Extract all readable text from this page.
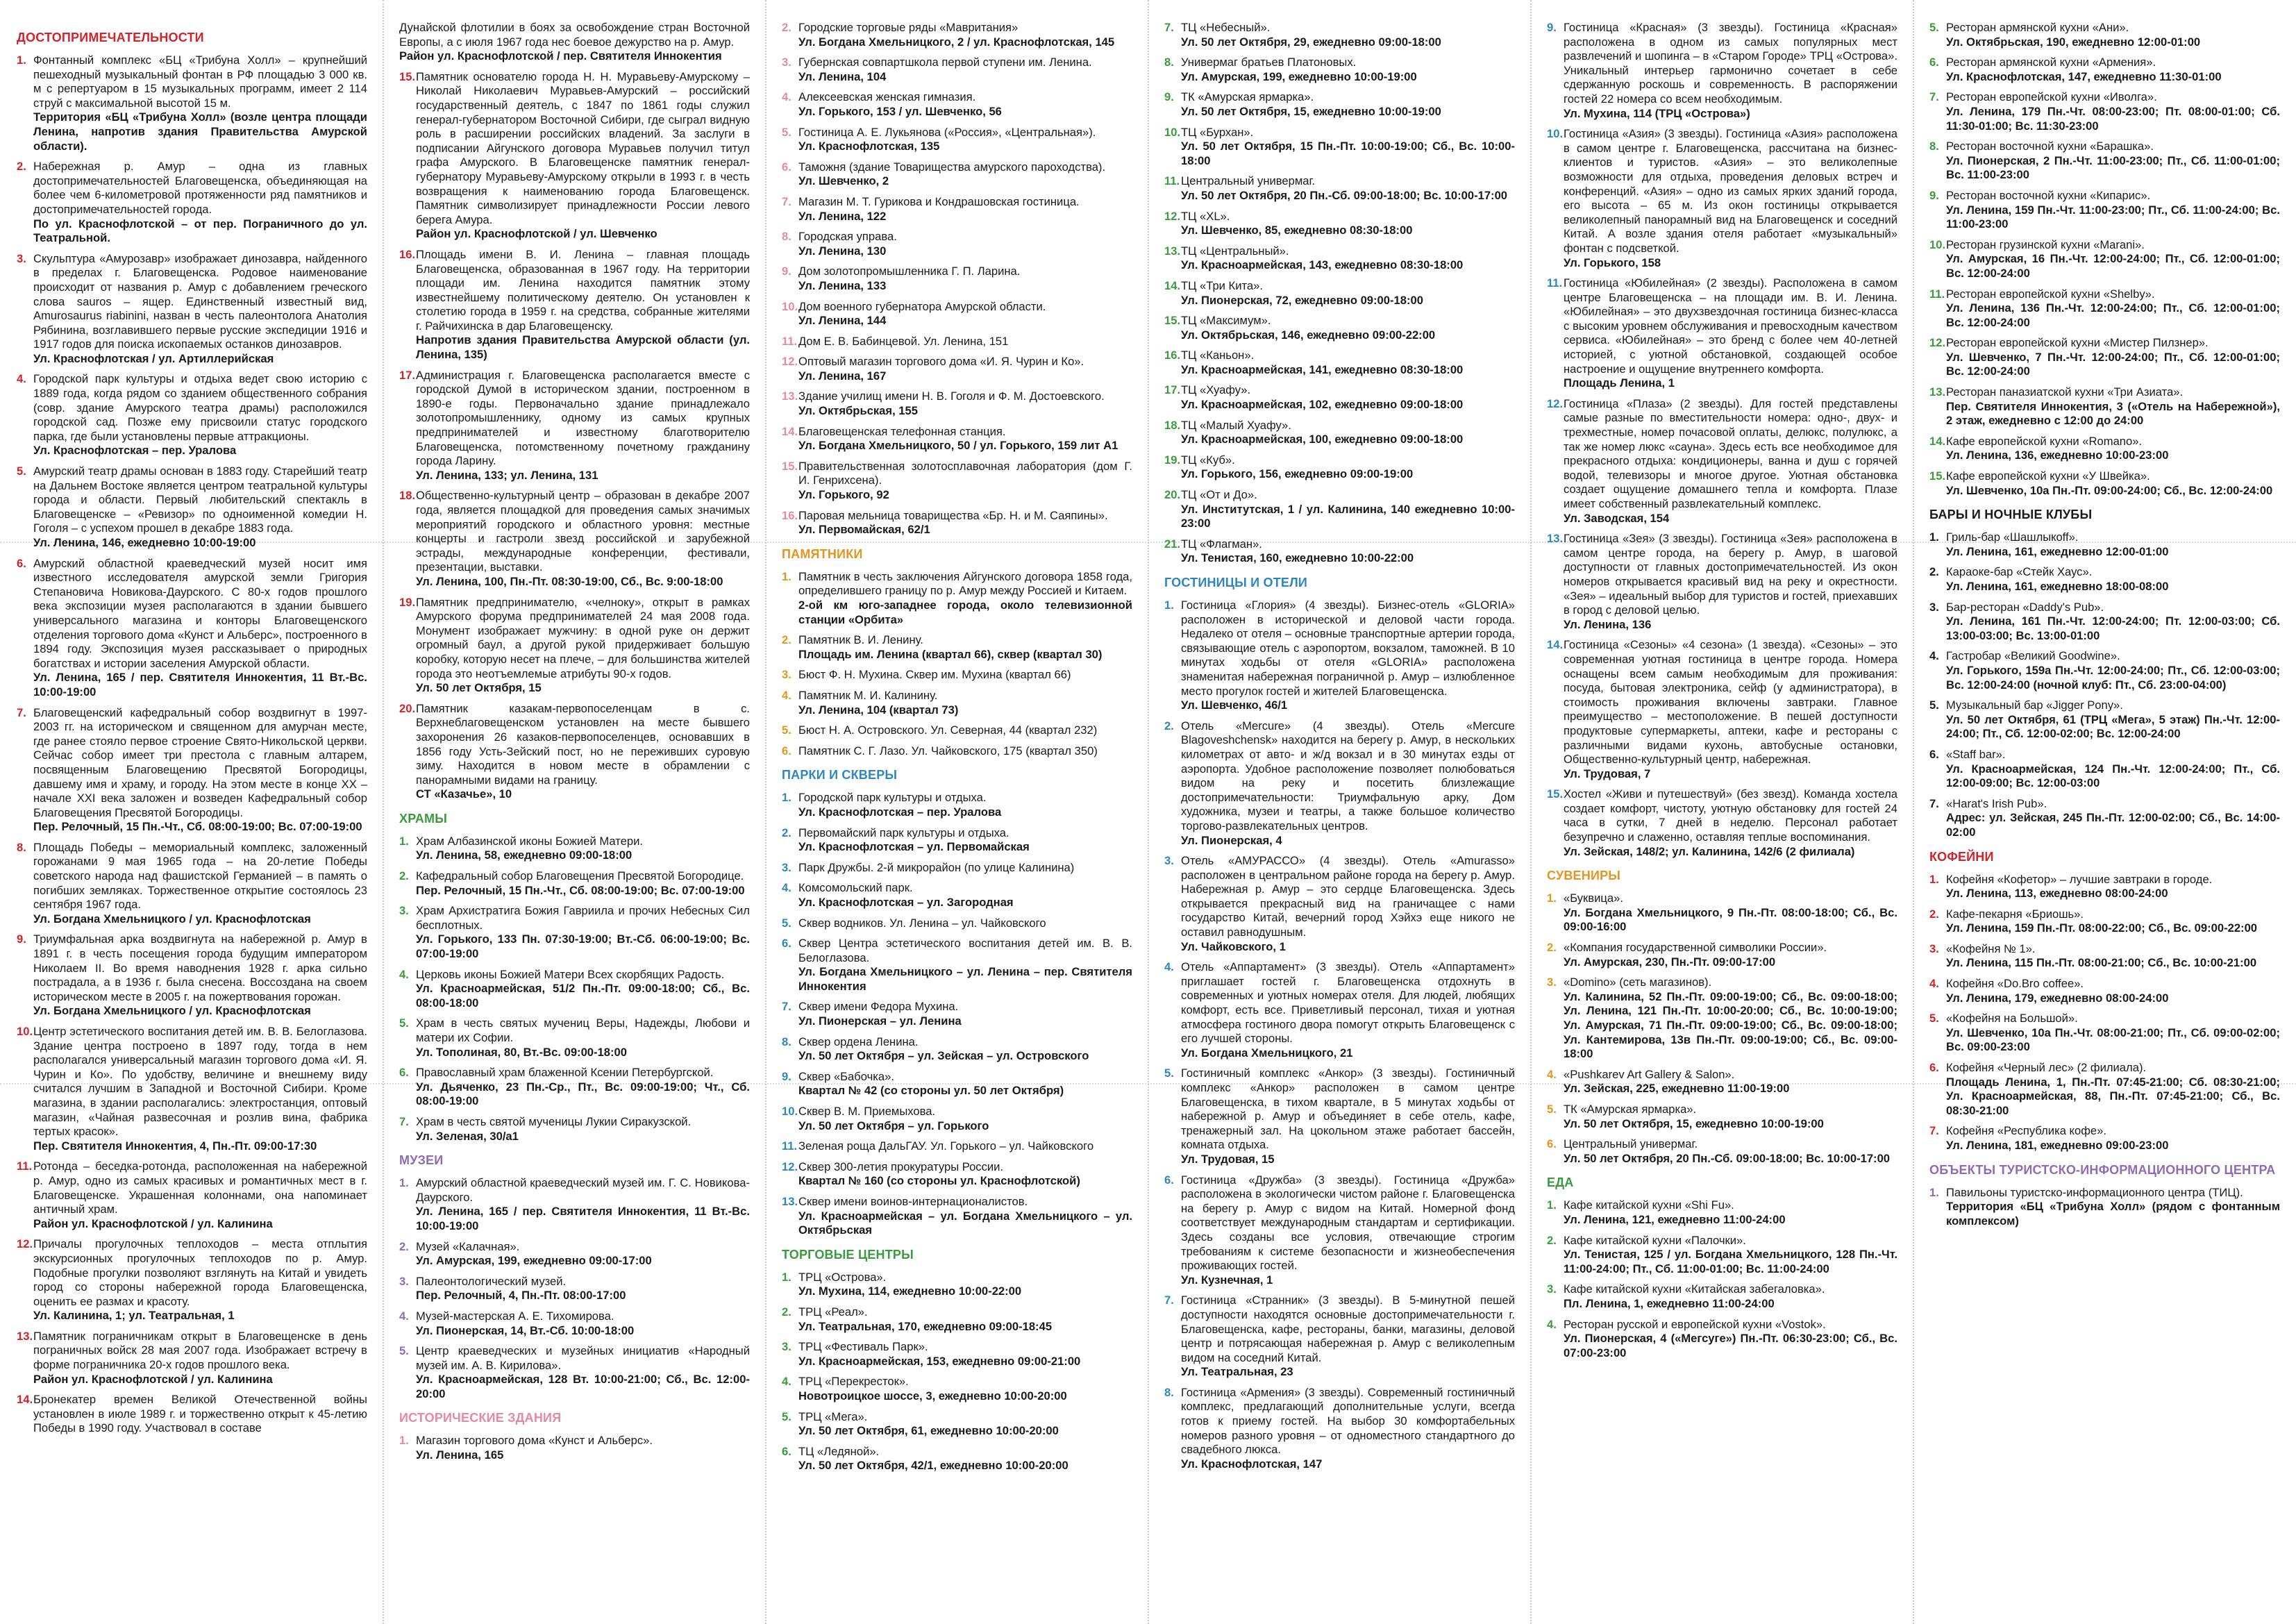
ДОСТОПРИМЕЧАТЕЛЬНОСТИ
1. Фонтанный комплекс «БЦ «Трибуна Холл» – крупнейший пешеходный музыкальный фонтан в РФ площадью 3 000 кв. м с репертуаром в 15 музыкальных программ, имеет 2 114 струй с максимальной высотой 15 м.
Территория «БЦ «Трибуна Холл» (возле центра площади Ленина, напротив здания Правительства Амурской области).
2. Набережная р. Амур – одна из главных достопримечательностей Благовещенска, объединяющая на более чем 6-километровой протяженности ряд памятников и достопримечательностей города.
По ул. Краснофлотской – от пер. Пограничного до ул. Театральной.
3. Скульптура «Амурозавр» изображает динозавра, найденного в пределах г. Благовещенска. Родовое наименование происходит от названия р. Амур с добавлением греческого слова sauros – ящер. Единственный известный вид, Amurosaurus riabinini, назван в честь палеонтолога Анатолия Рябинина, возглавившего первые русские экспедиции 1916 и 1917 годов для поиска ископаемых останков динозавров.
Ул. Краснофлотская / ул. Артиллерийская
4. Городской парк культуры и отдыха ведет свою историю с 1889 года, когда рядом со зданием общественного собрания (совр. здание Амурского театра драмы) расположился городской сад. Позже ему присвоили статус городского парка, где были установлены первые аттракционы.
Ул. Краснофлотская – пер. Уралова
5. Амурский театр драмы основан в 1883 году. Старейший театр на Дальнем Востоке является центром театральной культуры города и области. Первый любительский спектакль в Благовещенске – «Ревизор» по одноименной комедии Н. Гоголя – с успехом прошел в декабре 1883 года.
Ул. Ленина, 146, ежедневно 10:00-19:00
6. Амурский областной краеведческий музей носит имя известного исследователя амурской земли Григория Степановича Новикова-Даурского. С 80-х годов прошлого века экспозиции музея располагаются в здании бывшего универсального магазина и конторы Благовещенского отделения торгового дома «Кунст и Альберс», построенного в 1894 году. Экспозиция музея рассказывает о природных богатствах и истории заселения Амурской области.
Ул. Ленина, 165 / пер. Святителя Иннокентия, 11 Вт.-Вс. 10:00-19:00
7. Благовещенский кафедральный собор воздвигнут в 1997-2003 гг. на историческом и священном для амурчан месте, где ранее стояло первое строение Свято-Никольской церкви. Сейчас собор имеет три престола с главным алтарем, посвященным Благовещению Пресвятой Богородицы, давшему имя и храму, и городу. На этом месте в конце XX – начале XXI века заложен и возведен Кафедральный собор Благовещения Пресвятой Богородицы.
Пер. Релочный, 15 Пн.-Чт., Сб. 08:00-19:00; Вс. 07:00-19:00
8. Площадь Победы – мемориальный комплекс, заложенный горожанами 9 мая 1965 года – на 20-летие Победы советского народа над фашистской Германией – в память о погибших земляках. Торжественное открытие состоялось 23 сентября 1967 года.
Ул. Богдана Хмельницкого / ул. Краснофлотская
9. Триумфальная арка воздвигнута на набережной р. Амур в 1891 г. в честь посещения города будущим императором Николаем II. Во время наводнения 1928 г. арка сильно пострадала, а в 1936 г. была снесена. Воссоздана на своем историческом месте в 2005 г. на пожертвования горожан.
Ул. Богдана Хмельницкого / ул. Краснофлотская
10. Центр эстетического воспитания детей им. В. В. Белоглазова. Здание центра построено в 1897 году, тогда в нем располагался универсальный магазин торгового дома «И. Я. Чурин и Ко». По удобству, величине и внешнему виду считался лучшим в Западной и Восточной Сибири. Кроме магазина, в здании располагались: электростанция, оптовый магазин, «Чайная развесочная и розлив вина, фабрика тертых красок».
Пер. Святителя Иннокентия, 4, Пн.-Пт. 09:00-17:30
11. Ротонда – беседка-ротонда, расположенная на набережной р. Амур, одно из самых красивых и романтичных мест в г. Благовещенске. Украшенная колоннами, она напоминает античный храм.
Район ул. Краснофлотской / ул. Калинина
12. Причалы прогулочных теплоходов – места отплытия экскурсионных прогулочных теплоходов по р. Амур. Подобные прогулки позволяют взглянуть на Китай и увидеть город со стороны набережной города Благовещенска, оценить ее размах и красоту.
Ул. Калинина, 1; ул. Театральная, 1
13. Памятник пограничникам открыт в Благовещенске в день пограничных войск 28 мая 2007 года. Изображает встречу в форме пограничника 20-х годов прошлого века.
Район ул. Краснофлотской / ул. Калинина
14. Бронекатер времен Великой Отечественной войны установлен в июле 1989 г. и торжественно открыт к 45-летию Победы в 1990 году. Участвовал в составе
Дунайской флотилии в боях за освобождение стран Восточной Европы, а с июля 1967 года нес боевое дежурство на р. Амур.
Район ул. Краснофлотской / пер. Святителя Иннокентия
15. Памятник основателю города Н. Н. Муравьеву-Амурскому – Николай Николаевич Муравьев-Амурский – российский государственный деятель, с 1847 по 1861 годы служил генерал-губернатором Восточной Сибири, где сыграл видную роль в расширении российских владений. За заслуги в подписании Айгунского договора Муравьев получил титул графа Амурского. В Благовещенске памятник генерал-губернатору Муравьеву-Амурскому открыли в 1993 г. в честь возвращения к наименованию города Благовещенск. Памятник символизирует принадлежности России левого берега Амура.
Район ул. Краснофлотской / ул. Шевченко
16. Площадь имени В. И. Ленина – главная площадь Благовещенска, образованная в 1967 году. На территории площади им. Ленина находится памятник этому известнейшему политическому деятелю. Он установлен к столетию города в 1959 г. на средства, собранные жителями г. Райчихинска в дар Благовещенску.
Напротив здания Правительства Амурской области (ул. Ленина, 135)
17. Администрация г. Благовещенска располагается вместе с городской Думой в историческом здании, построенном в 1890-е годы. Первоначально здание принадлежало золотопромышленнику, одному из самых крупных предпринимателей и известному благотворителю Благовещенска, потомственному почетному гражданину города Ларину.
Ул. Ленина, 133; ул. Ленина, 131
18. Общественно-культурный центр – образован в декабре 2007 года, является площадкой для проведения самых значимых мероприятий городского и областного уровня: местные концерты и гастроли звезд российской и зарубежной эстрады, международные конференции, фестивали, презентации, выставки.
Ул. Ленина, 100, Пн.-Пт. 08:30-19:00, Сб., Вс. 9:00-18:00
19. Памятник предпринимателю, «челноку», открыт в рамках Амурского форума предпринимателей 24 мая 2008 года. Монумент изображает мужчину: в одной руке он держит огромный баул, а другой рукой придерживает большую коробку, которую несет на плече, – для большинства жителей города это неотъемлемые атрибуты 90-х годов.
Ул. 50 лет Октября, 15
20. Памятник казакам-первопоселенцам в с. Верхнеблаговещенском установлен на месте бывшего захоронения 26 казаков-первопоселенцев, основавших в 1856 году Усть-Зейский пост, но не переживших суровую зиму. Находится в новом месте в обрамлении с панорамными видами на границу.
СТ «Казачье», 10
ХРАМЫ
1. Храм Албазинской иконы Божией Матери.
Ул. Ленина, 58, ежедневно 09:00-18:00
2. Кафедральный собор Благовещения Пресвятой Богородице.
Пер. Релочный, 15 Пн.-Чт., Сб. 08:00-19:00; Вс. 07:00-19:00
3. Храм Архистратига Божия Гавриила и прочих Небесных Сил бесплотных.
Ул. Горького, 133 Пн. 07:30-19:00; Вт.-Сб. 06:00-19:00; Вс. 07:00-19:00
4. Церковь иконы Божией Матери Всех скорбящих Радость.
Ул. Красноармейская, 51/2 Пн.-Пт. 09:00-18:00; Сб., Вс. 08:00-18:00
5. Храм в честь святых мучениц Веры, Надежды, Любови и матери их Софии.
Ул. Тополиная, 80, Вт.-Вс. 09:00-18:00
6. Православный храм блаженной Ксении Петербургской.
Ул. Дьяченко, 23 Пн.-Ср., Пт., Вс. 09:00-19:00; Чт., Сб. 08:00-19:00
7. Храм в честь святой мученицы Лукии Сиракузской.
Ул. Зеленая, 30/а1
МУЗЕИ
1. Амурский областной краеведческий музей им. Г. С. Новикова-Даурского.
Ул. Ленина, 165 / пер. Святителя Иннокентия, 11 Вт.-Вс. 10:00-19:00
2. Музей «Калачная».
Ул. Амурская, 199, ежедневно 09:00-17:00
3. Палеонтологический музей.
Пер. Релочный, 4, Пн.-Пт. 08:00-17:00
4. Музей-мастерская А. Е. Тихомирова.
Ул. Пионерская, 14, Вт.-Сб. 10:00-18:00
5. Центр краеведческих и музейных инициатив «Народный музей им. А. В. Кирилова».
Ул. Красноармейская, 128 Вт. 10:00-21:00; Сб., Вс. 12:00-20:00
ИСТОРИЧЕСКИЕ ЗДАНИЯ
1. Магазин торгового дома «Кунст и Альберс».
Ул. Ленина, 165
2. Городские торговые ряды «Мавритания»
Ул. Богдана Хмельницкого, 2 / ул. Краснофлотская, 145
3. Губернская совпартшкола первой ступени им. Ленина.
Ул. Ленина, 104
4. Алексеевская женская гимназия.
Ул. Горького, 153 / ул. Шевченко, 56
5. Гостиница А. Е. Лукьянова («Россия», «Центральная»).
Ул. Краснофлотская, 135
6. Таможня (здание Товарищества амурского пароходства).
Ул. Шевченко, 2
7. Магазин М. Т. Гурикова и Кондрашовская гостиница.
Ул. Ленина, 122
8. Городская управа.
Ул. Ленина, 130
9. Дом золотопромышленника Г. П. Ларина.
Ул. Ленина, 133
10. Дом военного губернатора Амурской области.
Ул. Ленина, 144
11. Дом Е. В. Бабинцевой. Ул. Ленина, 151
12. Оптовый магазин торгового дома «И. Я. Чурин и Ко».
Ул. Ленина, 167
13. Здание училищ имени Н. В. Гоголя и Ф. М. Достоевского.
Ул. Октябрьская, 155
14. Благовещенская телефонная станция.
Ул. Богдана Хмельницкого, 50 / ул. Горького, 159 лит А1
15. Правительственная золотосплавочная лаборатория (дом Г. И. Генрихсена).
Ул. Горького, 92
16. Паровая мельница товарищества «Бр. Н. и М. Саяпины».
Ул. Первомайская, 62/1
ПАМЯТНИКИ
1. Памятник в честь заключения Айгунского договора 1858 года, определившего границу по р. Амур между Россией и Китаем.
2-ой км юго-западнее города, около телевизионной станции «Орбита»
2. Памятник В. И. Ленину.
Площадь им. Ленина (квартал 66), сквер (квартал 30)
3. Бюст Ф. Н. Мухина. Сквер им. Мухина (квартал 66)
4. Памятник М. И. Калинину.
Ул. Ленина, 104 (квартал 73)
5. Бюст Н. А. Островского. Ул. Северная, 44 (квартал 232)
6. Памятник С. Г. Лазо. Ул. Чайковского, 175 (квартал 350)
ПАРКИ И СКВЕРЫ
1. Городской парк культуры и отдыха.
Ул. Краснофлотская – пер. Уралова
2. Первомайский парк культуры и отдыха.
Ул. Краснофлотская – ул. Первомайская
3. Парк Дружбы. 2-й микрорайон (по улице Калинина)
4. Комсомольский парк.
Ул. Краснофлотская – ул. Загородная
5. Сквер водников. Ул. Ленина – ул. Чайковского
6. Сквер Центра эстетического воспитания детей им. В. В. Белоглазова.
Ул. Богдана Хмельницкого – ул. Ленина – пер. Святителя Иннокентия
7. Сквер имени Федора Мухина.
Ул. Пионерская – ул. Ленина
8. Сквер ордена Ленина.
Ул. 50 лет Октября – ул. Зейская – ул. Островского
9. Сквер «Бабочка».
Квартал № 42 (со стороны ул. 50 лет Октября)
10. Сквер В. М. Приемыхова.
Ул. 50 лет Октября – ул. Горького
11. Зеленая роща ДальГАУ. Ул. Горького – ул. Чайковского
12. Сквер 300-летия прокуратуры России.
Квартал № 160 (со стороны ул. Краснофлотской)
13. Сквер имени воинов-интернационалистов.
Ул. Красноармейская – ул. Богдана Хмельницкого – ул. Октябрьская
ТОРГОВЫЕ ЦЕНТРЫ
1. ТРЦ «Острова».
Ул. Мухина, 114, ежедневно 10:00-22:00
2. ТРЦ «Реал».
Ул. Театральная, 170, ежедневно 09:00-18:45
3. ТРЦ «Фестиваль Парк».
Ул. Красноармейская, 153, ежедневно 09:00-21:00
4. ТРЦ «Перекресток».
Новотроицкое шоссе, 3, ежедневно 10:00-20:00
5. ТРЦ «Мега».
Ул. 50 лет Октября, 61, ежедневно 10:00-20:00
6. ТЦ «Ледяной».
Ул. 50 лет Октября, 42/1, ежедневно 10:00-20:00
7. ТЦ «Небесный».
Ул. 50 лет Октября, 29, ежедневно 09:00-18:00
8. Универмаг братьев Платоновых.
Ул. Амурская, 199, ежедневно 10:00-19:00
9. ТК «Амурская ярмарка».
Ул. 50 лет Октября, 15, ежедневно 10:00-19:00
10. ТЦ «Бурхан».
Ул. 50 лет Октября, 15 Пн.-Пт. 10:00-19:00; Сб., Вс. 10:00-18:00
11. Центральный универмаг.
Ул. 50 лет Октября, 20 Пн.-Сб. 09:00-18:00; Вс. 10:00-17:00
12. ТЦ «XL».
Ул. Шевченко, 85, ежедневно 08:30-18:00
13. ТЦ «Центральный».
Ул. Красноармейская, 143, ежедневно 08:30-18:00
14. ТЦ «Три Кита».
Ул. Пионерская, 72, ежедневно 09:00-18:00
15. ТЦ «Максимум».
Ул. Октябрьская, 146, ежедневно 09:00-22:00
16. ТЦ «Каньон».
Ул. Красноармейская, 141, ежедневно 08:30-18:00
17. ТЦ «Хуафу».
Ул. Красноармейская, 102, ежедневно 09:00-18:00
18. ТЦ «Малый Хуафу».
Ул. Красноармейская, 100, ежедневно 09:00-18:00
19. ТЦ «Куб».
Ул. Горького, 156, ежедневно 09:00-19:00
20. ТЦ «От и До».
Ул. Институтская, 1 / ул. Калинина, 140 ежедневно 10:00-23:00
21. ТЦ «Флагман».
Ул. Тенистая, 160, ежедневно 10:00-22:00
ГОСТИНИЦЫ И ОТЕЛИ
1. Гостиница «Глория» (4 звезды). Бизнес-отель «GLORIA» расположен в исторической и деловой части города. Недалеко от отеля – основные транспортные артерии города, связывающие отель с аэропортом, вокзалом, таможней. В 10 минутах ходьбы от отеля «GLORIA» расположена знаменитая набережная пограничной р. Амур – излюбленное место прогулок гостей и жителей Благовещенска.
Ул. Шевченко, 46/1
2. Отель «Mercure» (4 звезды). Отель «Mercure Blagoveshchensk» находится на берегу р. Амур, в нескольких километрах от авто- и ж/д вокзал и в 30 минутах езды от аэропорта. Удобное расположение позволяет полюбоваться видом на реку и посетить близлежащие достопримечательности: Триумфальную арку, Дом художника, музеи и театры, а также большое количество торгово-развлекательных центров.
Ул. Пионерская, 4
3. Отель «АМУРАССО» (4 звезды). Отель «Amurasso» расположен в центральном районе города на берегу р. Амур. Набережная р. Амур – это сердце Благовещенска. Здесь открывается прекрасный вид на граничащее с нами государство Китай, вечерний город Хэйхэ еще никого не оставил равнодушным.
Ул. Чайковского, 1
4. Отель «Аппартамент» (3 звезды). Отель «Аппартамент» приглашает гостей г. Благовещенска отдохнуть в современных и уютных номерах отеля. Для людей, любящих комфорт, есть все. Приветливый персонал, тихая и уютная атмосфера гостиного двора помогут открыть Благовещенск с его лучшей стороны.
Ул. Богдана Хмельницкого, 21
5. Гостиничный комплекс «Анкор» (3 звезды). Гостиничный комплекс «Анкор» расположен в самом центре Благовещенска, в тихом квартале, в 5 минутах ходьбы от набережной р. Амур и объединяет в себе отель, кафе, тренажерный зал. На цокольном этаже работает бассейн, комната отдыха.
Ул. Трудовая, 15
6. Гостиница «Дружба» (3 звезды). Гостиница «Дружба» расположена в экологически чистом районе г. Благовещенска на берегу р. Амур с видом на Китай. Номерной фонд соответствует международным стандартам и сертификации. Здесь созданы все условия, отвечающие строгим требованиям к системе безопасности и жизнеобеспечения проживающих гостей.
Ул. Кузнечная, 1
7. Гостиница «Странник» (3 звезды). В 5-минутной пешей доступности находятся основные достопримечательности г. Благовещенска, кафе, рестораны, банки, магазины, деловой центр и потрясающая набережная р. Амур с великолепным видом на соседний Китай.
Ул. Театральная, 23
8. Гостиница «Армения» (3 звезды). Современный гостиничный комплекс, предлагающий дополнительные услуги, всегда готов к приему гостей. На выбор 30 комфортабельных номеров разного уровня – от одноместного стандартного до свадебного люкса.
Ул. Краснофлотская, 147
9. Гостиница «Красная» (3 звезды). Гостиница «Красная» расположена в одном из самых популярных мест развлечений и шопинга – в «Старом Городе» ТРЦ «Острова». Уникальный интерьер гармонично сочетает в себе сдержанную роскошь и современность. В распоряжении гостей 22 номера со всем необходимым.
Ул. Мухина, 114 (ТРЦ «Острова»)
10. Гостиница «Азия» (3 звезды). Гостиница «Азия» расположена в самом центре г. Благовещенска, рассчитана на бизнес-клиентов и туристов. «Азия» – это великолепные возможности для отдыха, проведения деловых встреч и конференций. «Азия» – одно из самых ярких зданий города, его высота – 65 м. Из окон гостиницы открывается великолепный панорамный вид на Благовещенск и соседний Китай. А возле здания отеля работает «музыкальный» фонтан с подсветкой.
Ул. Горького, 158
11. Гостиница «Юбилейная» (2 звезды). Расположена в самом центре Благовещенска – на площади им. В. И. Ленина. «Юбилейная» – это двухзвездочная гостиница бизнес-класса с высоким уровнем обслуживания и превосходным качеством сервиса. «Юбилейная» – это бренд с более чем 40-летней историей, с уютной обстановкой, создающей особое настроение и ощущение внутреннего комфорта.
Площадь Ленина, 1
12. Гостиница «Плаза» (2 звезды). Для гостей представлены самые разные по вместительности номера: одно-, двух- и трехместные, номер почасовой оплаты, делюкс, полулюкс, а так же номер люкс «сауна». Здесь есть все необходимое для прекрасного отдыха: кондиционеры, ванна и душ с горячей водой, телевизоры и многое другое. Уютная обстановка создает ощущение домашнего тепла и комфорта. Плазе имеет собственный развлекательный комплекс.
Ул. Заводская, 154
13. Гостиница «Зея» (3 звезды). Гостиница «Зея» расположена в самом центре города, на берегу р. Амур, в шаговой доступности от главных достопримечательностей. Из окон номеров открывается красивый вид на реку и окрестности. «Зея» – идеальный выбор для туристов и гостей, приехавших в город с деловой целью.
Ул. Ленина, 136
14. Гостиница «Сезоны» «4 сезона» (1 звезда). «Сезоны» – это современная уютная гостиница в центре города. Номера оснащены всем самым необходимым для проживания: посуда, бытовая электроника, сейф (у администратора), в стоимость проживания включены завтраки. Главное преимущество – местоположение. В пешей доступности продуктовые супермаркеты, аптеки, кафе и рестораны с различными видами кухонь, автобусные остановки, Общественно-культурный центр, набережная.
Ул. Трудовая, 7
15. Хостел «Живи и путешествуй» (без звезд). Команда хостела создает комфорт, чистоту, уютную обстановку для гостей 24 часа в сутки, 7 дней в неделю. Персонал работает безупречно и слаженно, оставляя теплые воспоминания.
Ул. Зейская, 148/2; ул. Калинина, 142/6 (2 филиала)
СУВЕНИРЫ
1. «Буквица».
Ул. Богдана Хмельницкого, 9 Пн.-Пт. 08:00-18:00; Сб., Вс. 09:00-16:00
2. «Компания государственной символики России».
Ул. Амурская, 230, Пн.-Пт. 09:00-17:00
3. «Domino» (сеть магазинов).
Ул. Калинина, 52 Пн.-Пт. 09:00-19:00; Сб., Вс. 09:00-18:00; Ул. Ленина, 121 Пн.-Пт. 10:00-20:00; Сб., Вс. 10:00-19:00; Ул. Амурская, 71 Пн.-Пт. 09:00-19:00; Сб., Вс. 09:00-18:00; Ул. Кантемирова, 13в Пн.-Пт. 09:00-19:00; Сб., Вс. 09:00-18:00
4. «Pushkarev Art Gallery & Salon».
Ул. Зейская, 225, ежедневно 11:00-19:00
5. ТК «Амурская ярмарка».
Ул. 50 лет Октября, 15, ежедневно 10:00-19:00
6. Центральный универмаг.
Ул. 50 лет Октября, 20 Пн.-Сб. 09:00-18:00; Вс. 10:00-17:00
ЕДА
1. Кафе китайской кухни «Shi Fu».
Ул. Ленина, 121, ежедневно 11:00-24:00
2. Кафе китайской кухни «Палочки».
Ул. Тенистая, 125 / ул. Богдана Хмельницкого, 128 Пн.-Чт. 11:00-24:00; Пт., Сб. 11:00-01:00; Вс. 11:00-24:00
3. Кафе китайской кухни «Китайская забегаловка».
Пл. Ленина, 1, ежедневно 11:00-24:00
4. Ресторан русской и европейской кухни «Vostok».
Ул. Пионерская, 4 («Мегсуге») Пн.-Пт. 06:30-23:00; Сб., Вс. 07:00-23:00
5. Ресторан армянской кухни «Ани».
Ул. Октябрьская, 190, ежедневно 12:00-01:00
6. Ресторан армянской кухни «Армения».
Ул. Краснофлотская, 147, ежедневно 11:30-01:00
7. Ресторан европейской кухни «Иволга».
Ул. Ленина, 179 Пн.-Чт. 08:00-23:00; Пт. 08:00-01:00; Сб. 11:30-01:00; Вс. 11:30-23:00
8. Ресторан восточной кухни «Барашка».
Ул. Пионерская, 2 Пн.-Чт. 11:00-23:00; Пт., Сб. 11:00-01:00; Вс. 11:00-23:00
9. Ресторан восточной кухни «Кипарис».
Ул. Ленина, 159 Пн.-Чт. 11:00-23:00; Пт., Сб. 11:00-24:00; Вс. 11:00-23:00
10. Ресторан грузинской кухни «Marani».
Ул. Амурская, 16 Пн.-Чт. 12:00-24:00; Пт., Сб. 12:00-01:00; Вс. 12:00-24:00
11. Ресторан европейской кухни «Shelby».
Ул. Ленина, 136 Пн.-Чт. 12:00-24:00; Пт., Сб. 12:00-01:00; Вс. 12:00-24:00
12. Ресторан европейской кухни «Мистер Пилзнер».
Ул. Шевченко, 7 Пн.-Чт. 12:00-24:00; Пт., Сб. 12:00-01:00; Вс. 12:00-24:00
13. Ресторан паназиатской кухни «Три Азиата».
Пер. Святителя Иннокентия, 3 («Отель на Набережной»), 2 этаж, ежедневно с 12:00 до 24:00
14. Кафе европейской кухни «Romano».
Ул. Ленина, 136, ежедневно 10:00-23:00
15. Кафе европейской кухни «У Швейка».
Ул. Шевченко, 10а Пн.-Пт. 09:00-24:00; Сб., Вс. 12:00-24:00
БАРЫ И НОЧНЫЕ КЛУБЫ
1. Гриль-бар «Шашлыкoff».
Ул. Ленина, 161, ежедневно 12:00-01:00
2. Караоке-бар «Стейк Хаус».
Ул. Ленина, 161, ежедневно 18:00-08:00
3. Бар-ресторан «Daddy's Pub».
Ул. Ленина, 161 Пн.-Чт. 12:00-24:00; Пт. 12:00-03:00; Сб. 13:00-03:00; Вс. 13:00-01:00
4. Гастробар «Великий Goodwine».
Ул. Горького, 159а Пн.-Чт. 12:00-24:00; Пт., Сб. 12:00-03:00; Вс. 12:00-24:00 (ночной клуб: Пт., Сб. 23:00-04:00)
5. Музыкальный бар «Jigger Pony».
Ул. 50 лет Октября, 61 (ТРЦ «Мега», 5 этаж) Пн.-Чт. 12:00-24:00; Пт., Сб. 12:00-02:00; Вс. 12:00-24:00
6. «Staff bar».
Ул. Красноармейская, 124 Пн.-Чт. 12:00-24:00; Пт., Сб. 12:00-09:00; Вс. 12:00-03:00
7. «Harat's Irish Pub».
Адрес: ул. Зейская, 245 Пн.-Пт. 12:00-02:00; Сб., Вс. 14:00-02:00
КОФЕЙНИ
1. Кофейня «Кофетор» – лучшие завтраки в городе.
Ул. Ленина, 113, ежедневно 08:00-24:00
2. Кафе-пекарня «Бриошь».
Ул. Ленина, 159 Пн.-Пт. 08:00-22:00; Сб., Вс. 09:00-22:00
3. «Кофейня № 1».
Ул. Ленина, 115 Пн.-Пт. 08:00-21:00; Сб., Вс. 10:00-21:00
4. Кофейня «Do.Bro coffee».
Ул. Ленина, 179, ежедневно 08:00-24:00
5. «Кофейня на Большой».
Ул. Шевченко, 10а Пн.-Чт. 08:00-21:00; Пт., Сб. 09:00-02:00; Вс. 09:00-23:00
6. Кофейня «Черный лес» (2 филиала).
Площадь Ленина, 1, Пн.-Пт. 07:45-21:00; Сб. 08:30-21:00; Ул. Красноармейская, 88, Пн.-Пт. 07:45-21:00; Сб., Вс. 08:30-21:00
7. Кофейня «Республика кофе».
Ул. Ленина, 181, ежедневно 09:00-23:00
ОБЪЕКТЫ ТУРИСТСКО-ИНФОРМАЦИОННОГО ЦЕНТРА
1. Павильоны туристско-информационного центра (ТИЦ).
Территория «БЦ «Трибуна Холл» (рядом с фонтанным комплексом)
